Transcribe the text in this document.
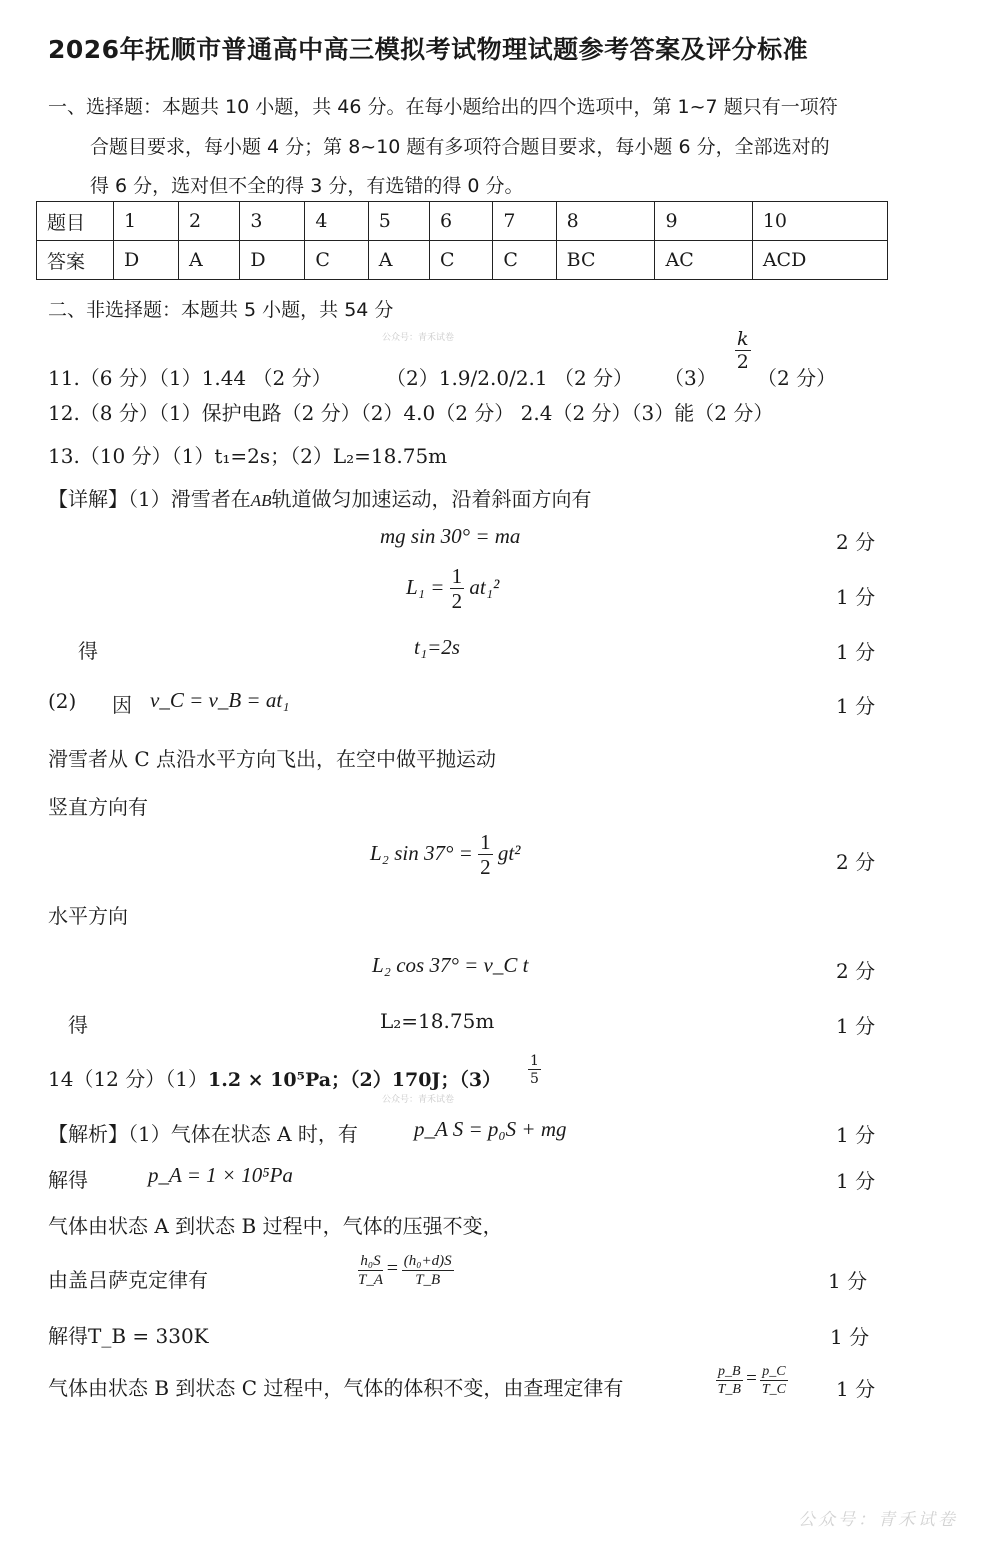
2026年抚顺市普通高中高三模拟考试物理试题参考答案及评分标准
一、选择题：本题共 10 小题，共 46 分。在每小题给出的四个选项中，第 1~7 题只有一项符
合题目要求，每小题 4 分；第 8~10 题有多项符合题目要求，每小题 6 分，全部选对的
得 6 分，选对但不全的得 3 分，有选错的得 0 分。
题目	1	2	3	4	5	6	7	8	9	10
答案	D	A	D	C	A	C	C	BC	AC	ACD
二、非选择题：本题共 5 小题，共 54 分
公众号：青禾试卷
11.（6 分）（1）1.44 （2 分）	（2）1.9/2.0/2.1 （2 分） （3）
$\frac{k}{2}$
（2 分）
12.（8 分）（1）保护电路（2 分）（2）4.0（2 分） 2.4（2 分）（3）能（2 分）
13.（10 分）（1）t₁=2s；（2）L₂=18.75m
【详解】（1）滑雪者在AB轨道做匀加速运动，沿着斜面方向有
mg sin 30° = ma	2 分
$L_1 = \frac{1}{2} at_1^2$	1 分
得	t₁=2s	1 分
(2) 因 v_C = v_B = at₁	1 分
滑雪者从 C 点沿水平方向飞出，在空中做平抛运动
竖直方向有
L₂ $\sin 37^\circ = \frac{1}{2} gt^2$	2 分
水平方向
L₂ cos 37° = v_C t	2 分
得	L₂=18.75m	1 分
14（12 分）（1）1.2 × 10⁵Pa；（2）170J；$(3) \frac{1}{5}$
公众号：青禾试卷
【解析】（1）气体在状态 A 时，有	p_A S = p₀S + mg	1 分
解得	p_A = 1 × 10⁵Pa	1 分
气体由状态 A 到状态 B 过程中，气体的压强不变，
由盖吕萨克定律有	$\frac{\text{h₀S}}{T\_A} = \frac{\text{(h₀+d)S}}{T\_B}$	1 分
解得T_B = 330K	1 分
气体由状态 B 到状态 C 过程中，气体的体积不变，由查理定律有	$\frac{p\_B}{T\_B} = \frac{p\_C}{T\_C} 1$ 分
公众号：青禾试卷
